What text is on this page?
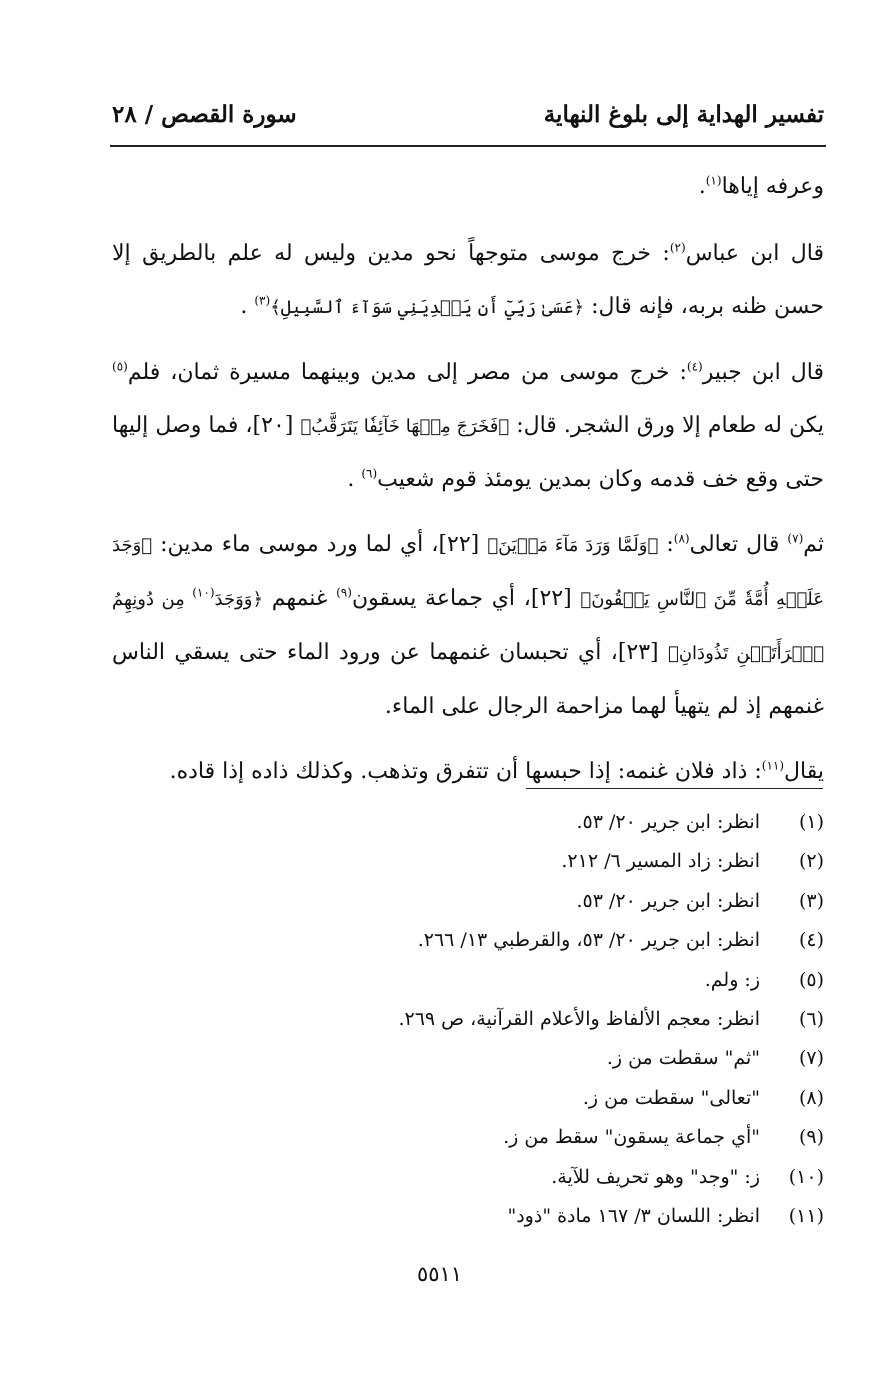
تفسير الهداية إلى بلوغ النهاية
سورة القصص / ٢٨

وعرفه إياها$^{(١)}$.

قال ابن عباس$^{(٢)}$: خرج موسى متوجهاً نحو مدين وليس له علم بالطريق إلا حسن ظنه بربه، فإنه قال: ﴿عَسَىٰ رَبِّيٓ أَن يَهۡدِيَنِي سَوَآءَ ٱلسَّبِيلِ﴾$^{(٣)}$ .

قال ابن جبير$^{(٤)}$: خرج موسى من مصر إلى مدين وبينهما مسيرة ثمان، فلم$^{(٥)}$ يكن له طعام إلا ورق الشجر. قال: ﴿فَخَرَجَ مِنۡهَا خَآئِفٗا يَتَرَقَّبُ﴾ [٢٠]، فما وصل إليها حتى وقع خف قدمه وكان بمدين يومئذ قوم شعيب$^{(٦)}$ .

ثم$^{(٧)}$ قال تعالى$^{(٨)}$: ﴿وَلَمَّا وَرَدَ مَآءَ مَدۡيَنَ﴾ [٢٢]، أي لما ورد موسى ماء مدين: ﴿وَجَدَ عَلَيۡهِ أُمَّةٗ مِّنَ ٱلنَّاسِ يَسۡقُونَ﴾ [٢٢]، أي جماعة يسقون$^{(٩)}$ غنمهم ﴿وَوَجَدَ$^{(١٠)}$ مِن دُونِهِمُ ٱمۡرَأَتَيۡنِ تَذُودَانِ﴾ [٢٣]، أي تحبسان غنمهما عن ورود الماء حتى يسقي الناس غنمهم إذ لم يتهيأ لهما مزاحمة الرجال على الماء.

يقال$^{(١١)}$: ذاد فلان غنمه: إذا حبسها أن تتفرق وتذهب. وكذلك ذاده إذا قاده.

(١)انظر: ابن جرير ٢٠/ ٥٣.
(٢)انظر: زاد المسير ٦/ ٢١٢.
(٣)انظر: ابن جرير ٢٠/ ٥٣.
(٤)انظر: ابن جرير ٢٠/ ٥٣، والقرطبي ١٣/ ٢٦٦.
(٥)ز: ولم.
(٦)انظر: معجم الألفاظ والأعلام القرآنية، ص ٢٦٩.
(٧)"ثم" سقطت من ز.
(٨)"تعالى" سقطت من ز.
(٩)"أي جماعة يسقون" سقط من ز.
(١٠)ز: "وجد" وهو تحريف للآية.
(١١)انظر: اللسان ٣/ ١٦٧ مادة "ذود"
٥٥١١
